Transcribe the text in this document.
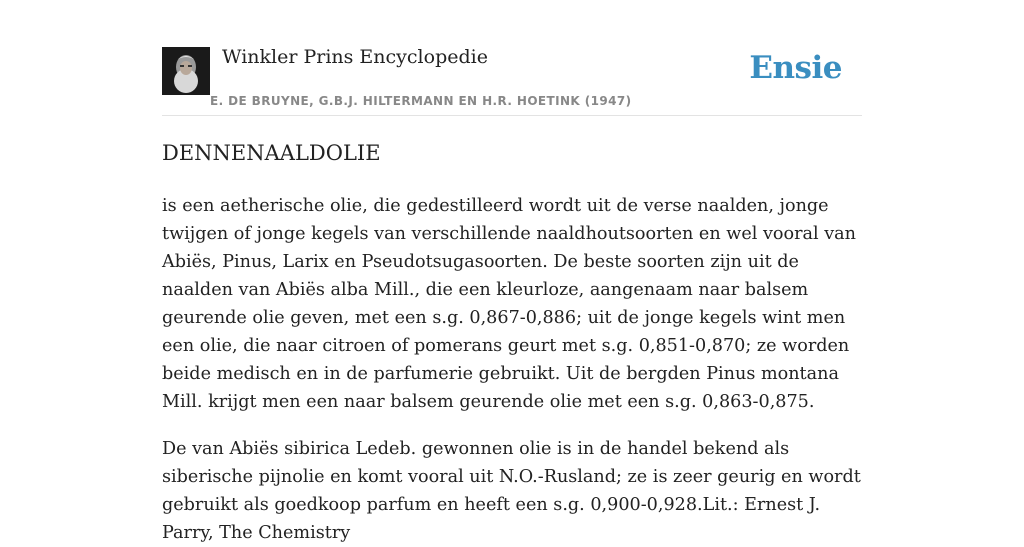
Winkler Prins Encyclopedie
E. DE BRUYNE, G.B.J. HILTERMANN EN H.R. HOETINK (1947)
Ensie
DENNENAALDOLIE

is een aetherische olie, die gedestilleerd wordt uit de verse naalden, jonge twijgen of jonge kegels van verschillende naaldhoutsoorten en wel vooral van Abiës, Pinus, Larix en Pseudotsugasoorten. De beste soorten zijn uit de naalden van Abiës alba Mill., die een kleurloze, aangenaam naar balsem geurende olie geven, met een s.g. 0,867-0,886; uit de jonge kegels wint men een olie, die naar citroen of pomerans geurt met s.g. 0,851-0,870; ze worden beide medisch en in de parfumerie gebruikt. Uit de bergden Pinus montana Mill. krijgt men een naar balsem geurende olie met een s.g. 0,863-0,875.

De van Abiës sibirica Ledeb. gewonnen olie is in de handel bekend als siberische pijnolie en komt vooral uit N.O.-Rusland; ze is zeer geurig en wordt gebruikt als goedkoop parfum en heeft een s.g. 0,900-0,928.Lit.: Ernest J. Parry, The Chemistry
